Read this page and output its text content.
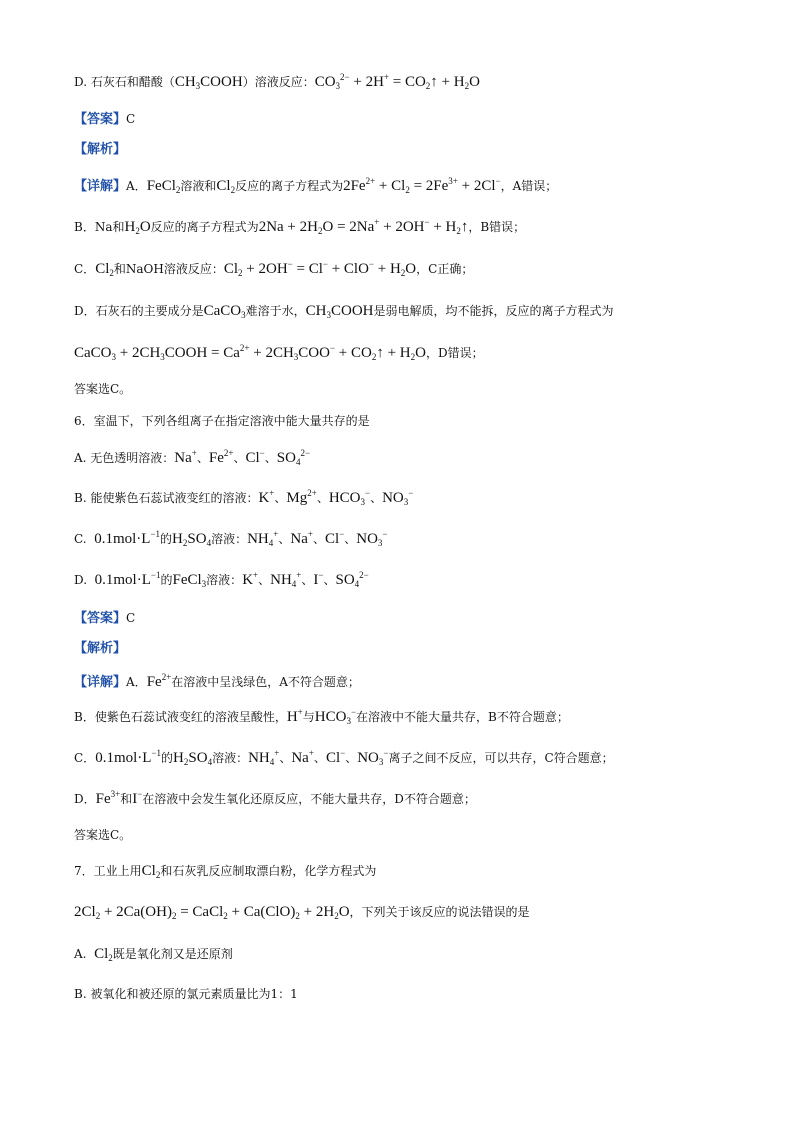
D. 石灰石和醋酸$(CH_3COOH)$溶液反应：$CO_3^{2-} + 2H^+$ = $CO_2↑ + H_2O$
【答案】C
【解析】
【详解】A．FeCl$_2$溶液和$Cl_2$反应的离子方程式为$2Fe^{2+} + Cl_2 = 2Fe^{3+} + 2Cl^-$，A错误；
B．Na和$H_2O$反应的离子方程式为$2Na + 2H_2O = 2Na^+ + 2OH^-$ + $H_2↑$，B错误；
C．$Cl_2$和NaOH溶液反应：$Cl_2 + 2OH^- = Cl^- + ClO^- + H_2O$，C正确；
D．石灰石的主要成分是CaCO$_3$难溶于水，$CH_3COOH$是弱电解质，均不能拆，反应的离子方程式为
CaCO$_3$ + $2CH_3COOH = Ca^{2+} + 2CH_3COO^-$ + $CO_2↑ + H_2O$，D错误；
答案选C。
6．室温下，下列各组离子在指定溶液中能大量共存的是
A. 无色透明溶液：Na+、$Fe^{2+}$、Cl−、$SO_4^{2-}$
B. 能使紫色石蕊试液变红的溶液：K+、$Mg^{2+}$、$HCO_3^-$、$NO_3^-$
C.  $0.1mol\cdot L^{-1}$的$H_2SO_4$溶液：$NH_4^+$、Na+、Cl−、$NO_3^-$
D.  $0.1mol\cdot L^{-1}$的FeCl$_3$溶液：K+、$NH_4^+$、I−、$SO_4^{2-}$
【答案】C
【解析】
【详解】A．$Fe^{2+}$在溶液中呈浅绿色，A不符合题意；
B．使紫色石蕊试液变红的溶液呈酸性，H+与$HCO_3^-$在溶液中不能大量共存，B不符合题意；
C．$0.1mol\cdot L^{-1}$的$H_2SO_4$溶液：$NH_4^+$、Na+、Cl−、$NO_3^-$离子之间不反应，可以共存，C符合题意；
D．$Fe^{3+}$和I−在溶液中会发生氧化还原反应，不能大量共存，D不符合题意；
答案选C。
7．工业上用$Cl_2$和石灰乳反应制取漂白粉，化学方程式为
$2Cl_2 + 2Ca(OH)_2$ = CaCl$_2$ + $Ca(ClO)_2 + 2H_2O$，下列关于该反应的说法错误的是
A.  $Cl_2$既是氧化剂又是还原剂
B. 被氧化和被还原的氯元素质量比为1：1
